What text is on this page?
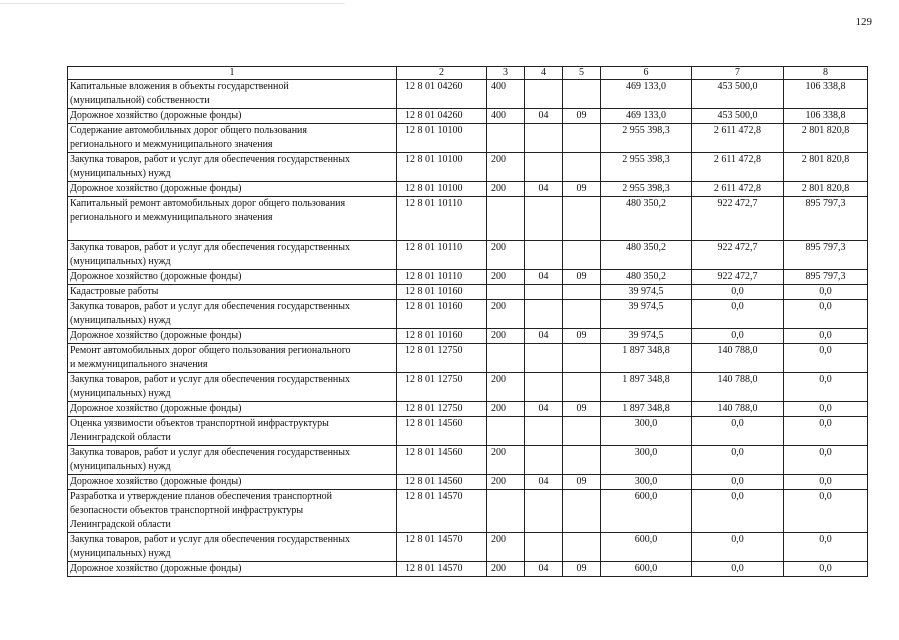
129
1	2	3	4	5	6	7	8
Капитальные вложения в объекты государственной
(муниципальной) собственности	12 8 01 04260	400			469 133,0	453 500,0	106 338,8
Дорожное хозяйство (дорожные фонды)	12 8 01 04260	400	04	09	469 133,0	453 500,0	106 338,8
Содержание автомобильных дорог общего пользования
регионального и межмуниципального значения	12 8 01 10100				2 955 398,3	2 611 472,8	2 801 820,8
Закупка товаров, работ и услуг для обеспечения государственных
(муниципальных) нужд	12 8 01 10100	200			2 955 398,3	2 611 472,8	2 801 820,8
Дорожное хозяйство (дорожные фонды)	12 8 01 10100	200	04	09	2 955 398,3	2 611 472,8	2 801 820,8
Капитальный ремонт автомобильных дорог общего пользования
регионального и межмуниципального значения	12 8 01 10110				480 350,2	922 472,7	895 797,3
Закупка товаров, работ и услуг для обеспечения государственных
(муниципальных) нужд	12 8 01 10110	200			480 350,2	922 472,7	895 797,3
Дорожное хозяйство (дорожные фонды)	12 8 01 10110	200	04	09	480 350,2	922 472,7	895 797,3
Кадастровые работы	12 8 01 10160				39 974,5	0,0	0,0
Закупка товаров, работ и услуг для обеспечения государственных
(муниципальных) нужд	12 8 01 10160	200			39 974,5	0,0	0,0
Дорожное хозяйство (дорожные фонды)	12 8 01 10160	200	04	09	39 974,5	0,0	0,0
Ремонт автомобильных дорог общего пользования регионального
и межмуниципального значения	12 8 01 12750				1 897 348,8	140 788,0	0,0
Закупка товаров, работ и услуг для обеспечения государственных
(муниципальных) нужд	12 8 01 12750	200			1 897 348,8	140 788,0	0,0
Дорожное хозяйство (дорожные фонды)	12 8 01 12750	200	04	09	1 897 348,8	140 788,0	0,0
Оценка уязвимости объектов транспортной инфраструктуры
Ленинградской области	12 8 01 14560				300,0	0,0	0,0
Закупка товаров, работ и услуг для обеспечения государственных
(муниципальных) нужд	12 8 01 14560	200			300,0	0,0	0,0
Дорожное хозяйство (дорожные фонды)	12 8 01 14560	200	04	09	300,0	0,0	0,0
Разработка и утверждение планов обеспечения транспортной
безопасности объектов транспортной инфраструктуры
Ленинградской области	12 8 01 14570				600,0	0,0	0,0
Закупка товаров, работ и услуг для обеспечения государственных
(муниципальных) нужд	12 8 01 14570	200			600,0	0,0	0,0
Дорожное хозяйство (дорожные фонды)	12 8 01 14570	200	04	09	600,0	0,0	0,0
